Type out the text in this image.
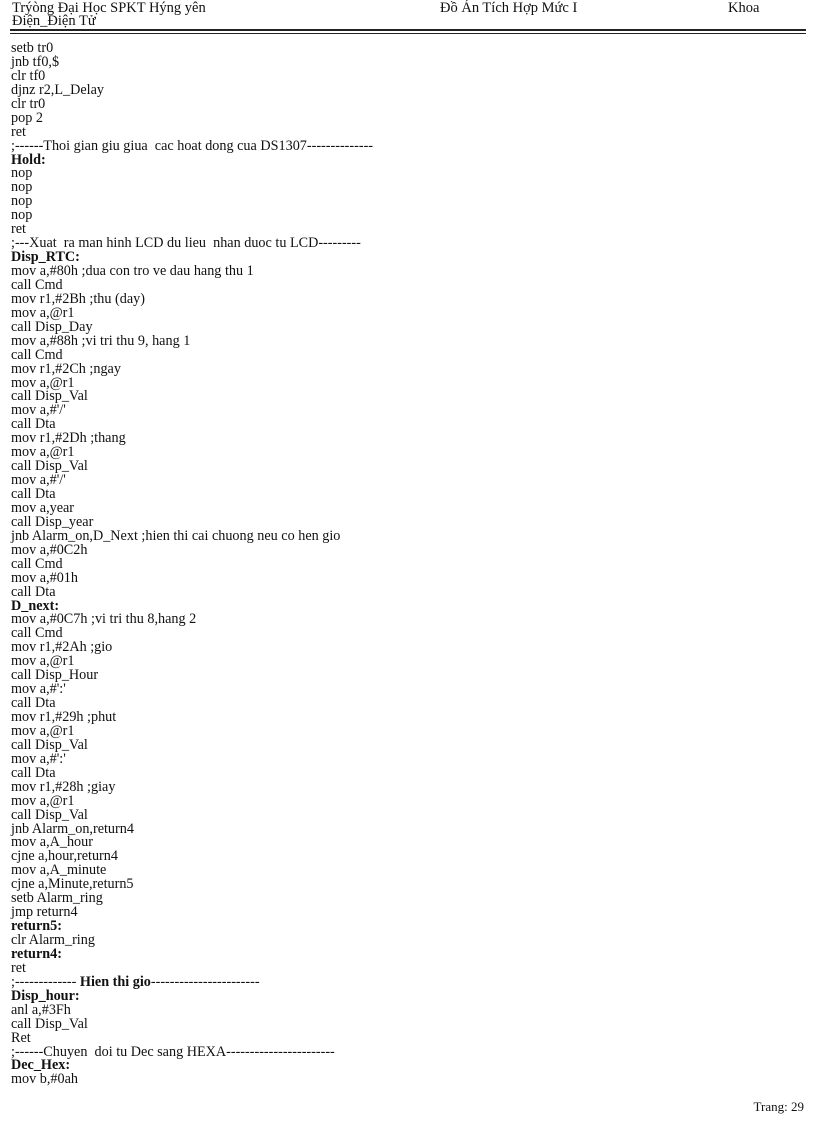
Trýòng Ðại Học SPKT Hýng yên
Điện_Điện Tử
Đồ Án Tích Hợp Mức I	Khoa
setb tr0
jnb tf0,$
clr tf0
djnz r2,L_Delay
clr tr0
pop 2
ret
;------Thoi gian giu giua  cac hoat dong cua DS1307--------------
Hold:
nop
nop
nop
nop
ret
;---Xuat  ra man hinh LCD du lieu  nhan duoc tu LCD---------
Disp_RTC:
mov a,#80h ;dua con tro ve dau hang thu 1
call Cmd
mov r1,#2Bh ;thu (day)
mov a,@r1
call Disp_Day
mov a,#88h ;vi tri thu 9, hang 1
call Cmd
mov r1,#2Ch ;ngay
mov a,@r1
call Disp_Val
mov a,#'/'
call Dta
mov r1,#2Dh ;thang
mov a,@r1
call Disp_Val
mov a,#'/'
call Dta
mov a,year
call Disp_year
jnb Alarm_on,D_Next ;hien thi cai chuong neu co hen gio
mov a,#0C2h
call Cmd
mov a,#01h
call Dta
D_next:
mov a,#0C7h ;vi tri thu 8,hang 2
call Cmd
mov r1,#2Ah ;gio
mov a,@r1
call Disp_Hour
mov a,#':'
call Dta
mov r1,#29h ;phut
mov a,@r1
call Disp_Val
mov a,#':'
call Dta
mov r1,#28h ;giay
mov a,@r1
call Disp_Val
jnb Alarm_on,return4
mov a,A_hour
cjne a,hour,return4
mov a,A_minute
cjne a,Minute,return5
setb Alarm_ring
jmp return4
return5:
clr Alarm_ring
return4:
ret
;------------- Hien thi gio-----------------------
Disp_hour:
anl a,#3Fh
call Disp_Val
Ret
;------Chuyen  doi tu Dec sang HEXA-----------------------
Dec_Hex:
mov b,#0ah
Trang: 29
